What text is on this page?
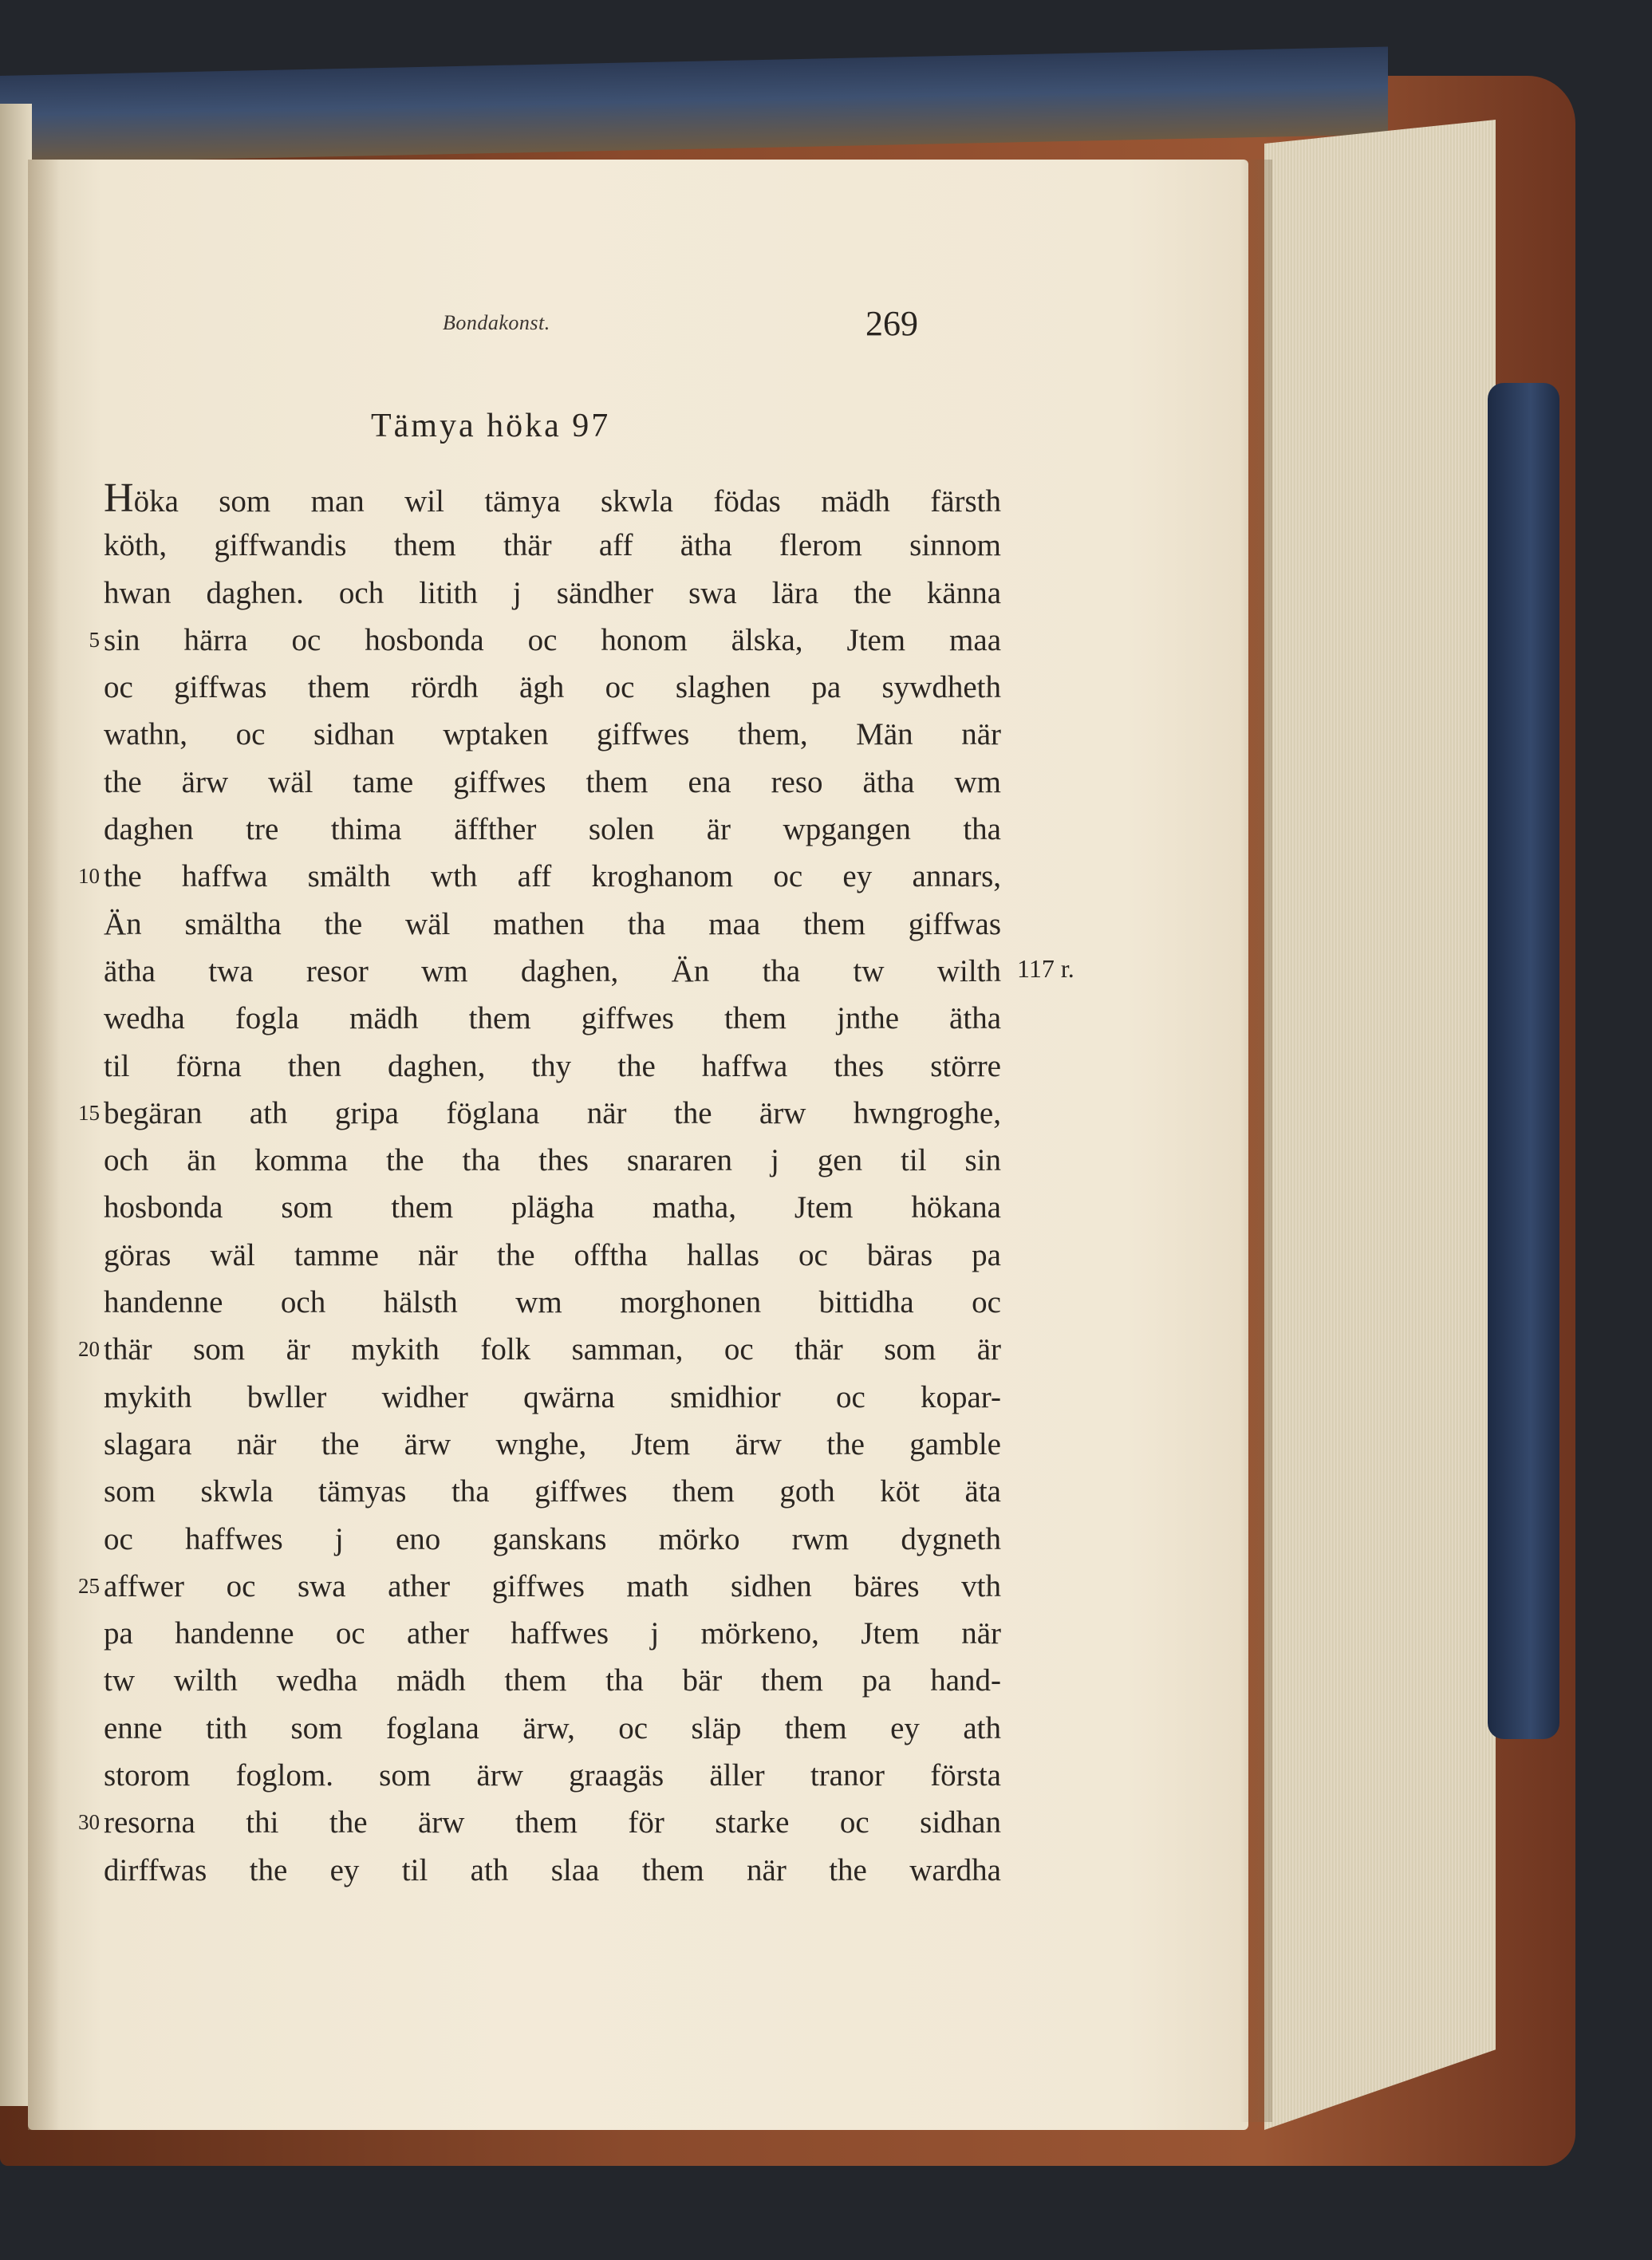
Bondakonst.	269
Tämya höka 97
Höka som man wil tämya skwla födas mädh färsth
köth, giffwandis them thär aff ätha flerom sinnom
hwan daghen. och litith j sändher swa lära the känna
sin härra oc hosbonda oc honom älska, Jtem maa
oc giffwas them rördh ägh oc slaghen pa sywdheth
wathn, oc sidhan wptaken giffwes them, Män när
the ärw wäl tame giffwes them ena reso ätha wm
daghen tre thima äffther solen är wpgangen tha
the haffwa smälth wth aff kroghanom oc ey annars,
Än smältha the wäl mathen tha maa them giffwas
ätha twa resor wm daghen, Än tha tw wilth
wedha fogla mädh them giffwes them jnthe ätha
til förna then daghen, thy the haffwa thes större
begäran ath gripa föglana när the ärw hwngroghe,
och än komma the tha thes snararen j gen til sin
hosbonda som them plägha matha, Jtem hökana
göras wäl tamme när the offtha hallas oc bäras pa
handenne och hälsth wm morghonen bittidha oc
thär som är mykith folk samman, oc thär som är
mykith bwller widher qwärna smidhior oc kopar-
slagara när the ärw wnghe, Jtem ärw the gamble
som skwla tämyas tha giffwes them goth köt äta
oc haffwes j eno ganskans mörko rwm dygneth
affwer oc swa ather giffwes math sidhen bäres vth
pa handenne oc ather haffwes j mörkeno, Jtem när
tw wilth wedha mädh them tha bär them pa hand-
enne tith som foglana ärw, oc släp them ey ath
storom foglom. som ärw graagäs äller tranor första
resorna thi the ärw them för starke oc sidhan
dirffwas the ey til ath slaa them när the wardha
5
10
15
20
25
30
117 r.
